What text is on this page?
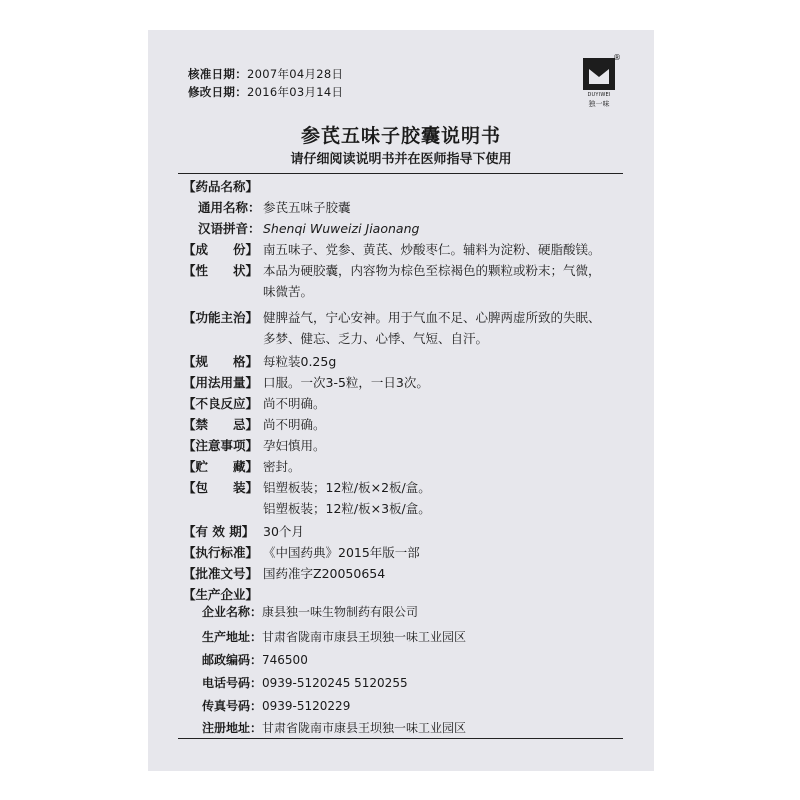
核准日期：2007年04月28日
修改日期：2016年03月14日
®
DUYIWEI
独一味
参芪五味子胶囊说明书
请仔细阅读说明书并在医师指导下使用
【药品名称】
通用名称： 参芪五味子胶囊
汉语拼音： Shenqi Wuweizi Jiaonang
【成　　份】 南五味子、党参、黄芪、炒酸枣仁。辅料为淀粉、硬脂酸镁。
【性　　状】 本品为硬胶囊，内容物为棕色至棕褐色的颗粒或粉末；气微，
味微苦。
【功能主治】 健脾益气，宁心安神。用于气血不足、心脾两虚所致的失眠、
多梦、健忘、乏力、心悸、气短、自汗。
【规　　格】 每粒装0.25g
【用法用量】 口服。一次3-5粒，一日3次。
【不良反应】 尚不明确。
【禁　　忌】 尚不明确。
【注意事项】 孕妇慎用。
【贮　　藏】 密封。
【包　　装】 铝塑板装；12粒/板×2板/盒。
铝塑板装；12粒/板×3板/盒。
【有 效 期】 30个月
【执行标准】 《中国药典》2015年版一部
【批准文号】 国药准字Z20050654
【生产企业】
企业名称：康县独一味生物制药有限公司
生产地址：甘肃省陇南市康县王坝独一味工业园区
邮政编码：746500
电话号码：0939-5120245 5120255
传真号码：0939-5120229
注册地址：甘肃省陇南市康县王坝独一味工业园区
